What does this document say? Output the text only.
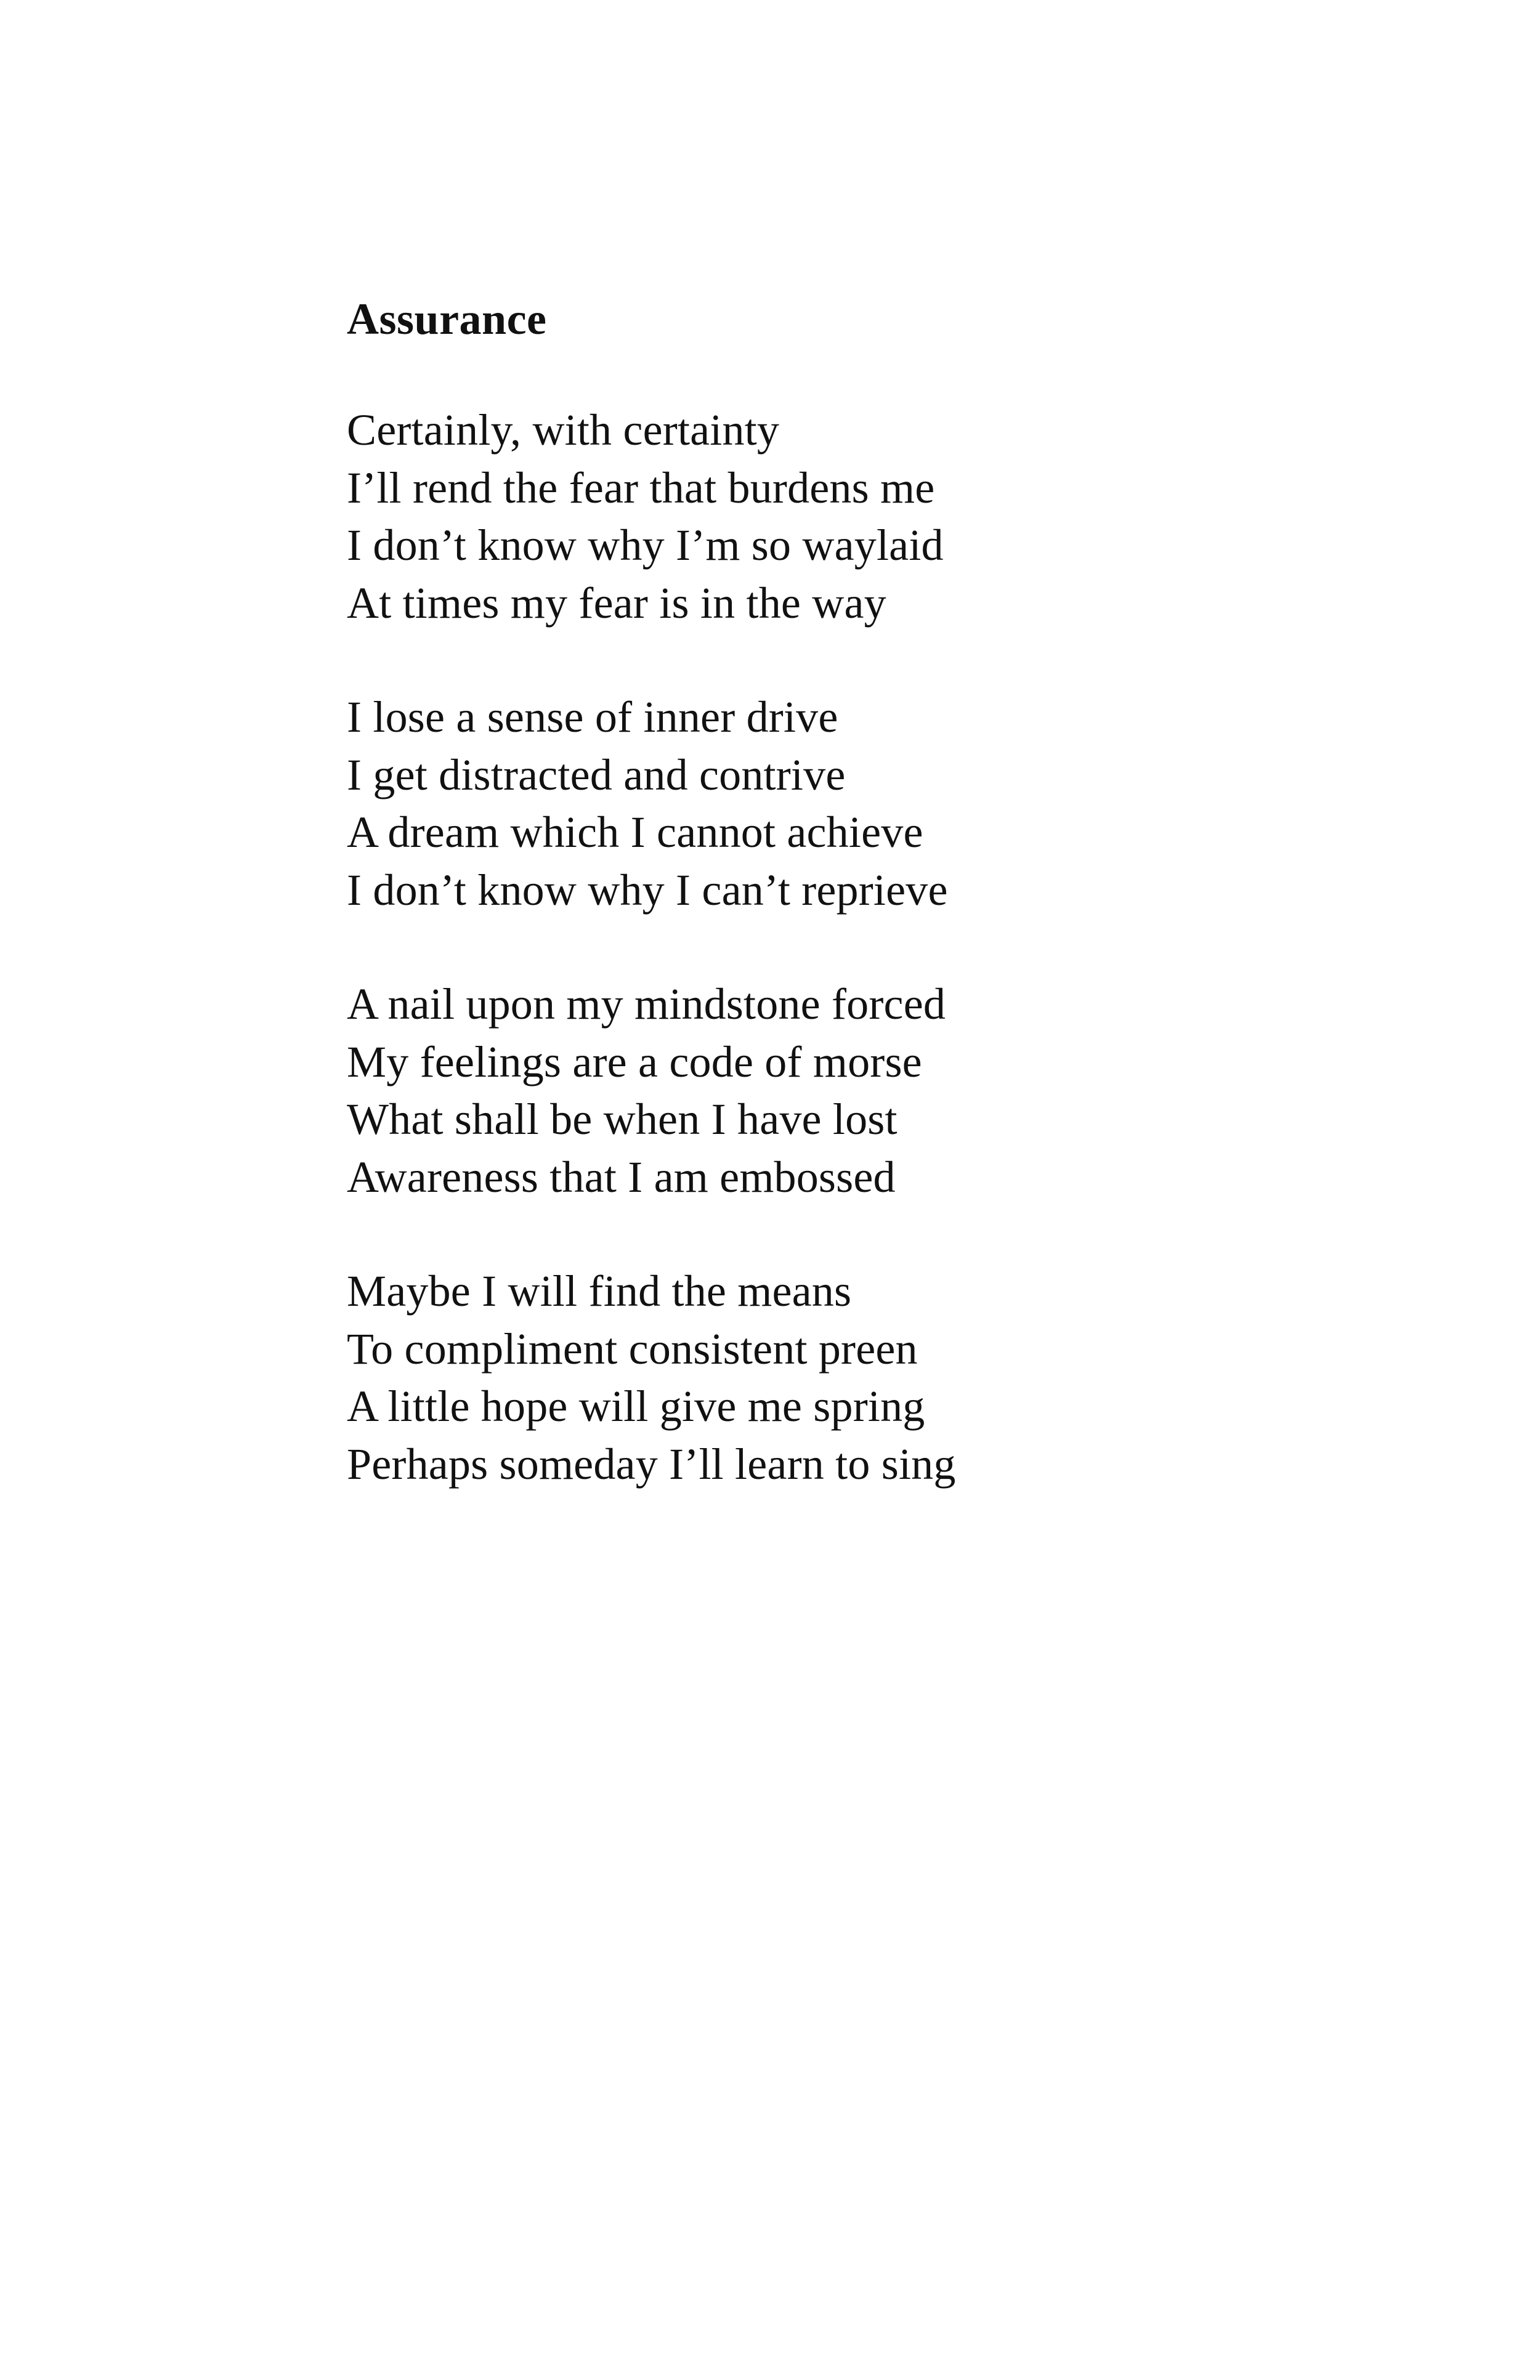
Assurance
Certainly, with certainty
I’ll rend the fear that burdens me
I don’t know why I’m so waylaid
At times my fear is in the way
I lose a sense of inner drive
I get distracted and contrive
A dream which I cannot achieve
I don’t know why I can’t reprieve
A nail upon my mindstone forced
My feelings are a code of morse
What shall be when I have lost
Awareness that I am embossed
Maybe I will find the means
To compliment consistent preen
A little hope will give me spring
Perhaps someday I’ll learn to sing
